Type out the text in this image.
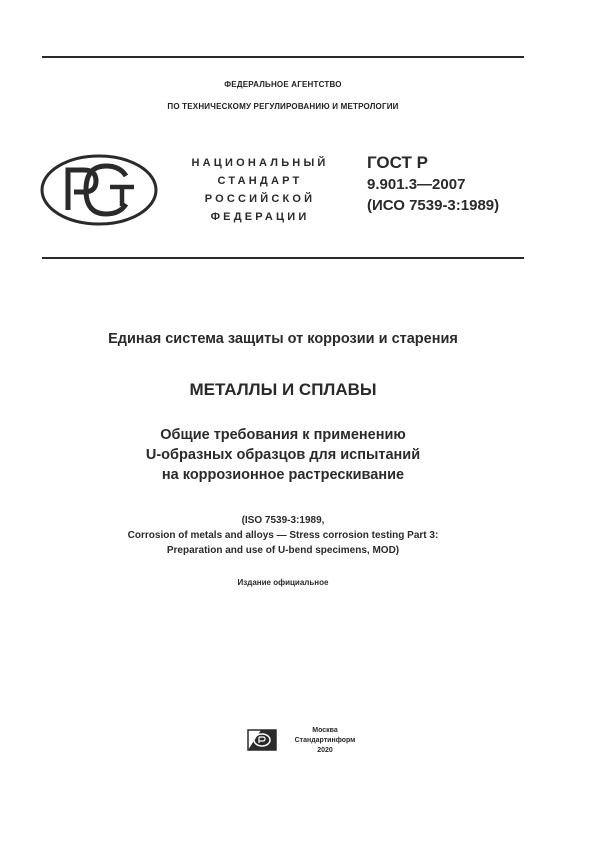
ФЕДЕРАЛЬНОЕ АГЕНТСТВО
ПО ТЕХНИЧЕСКОМУ РЕГУЛИРОВАНИЮ И МЕТРОЛОГИИ
НАЦИОНАЛЬНЫЙ
СТАНДАРТ
РОССИЙСКОЙ
ФЕДЕРАЦИИ
ГОСТ Р
9.901.3—2007
(ИСО 7539-3:1989)
Единая система защиты от коррозии и старения
МЕТАЛЛЫ И СПЛАВЫ
Общие требования к применению
U-образных образцов для испытаний
на коррозионное растрескивание
(ISO 7539-3:1989,
Corrosion of metals and alloys — Stress corrosion testing Part 3:
Preparation and use of U-bend specimens, MOD)
Издание официальное
Москва
Стандартинформ
2020
